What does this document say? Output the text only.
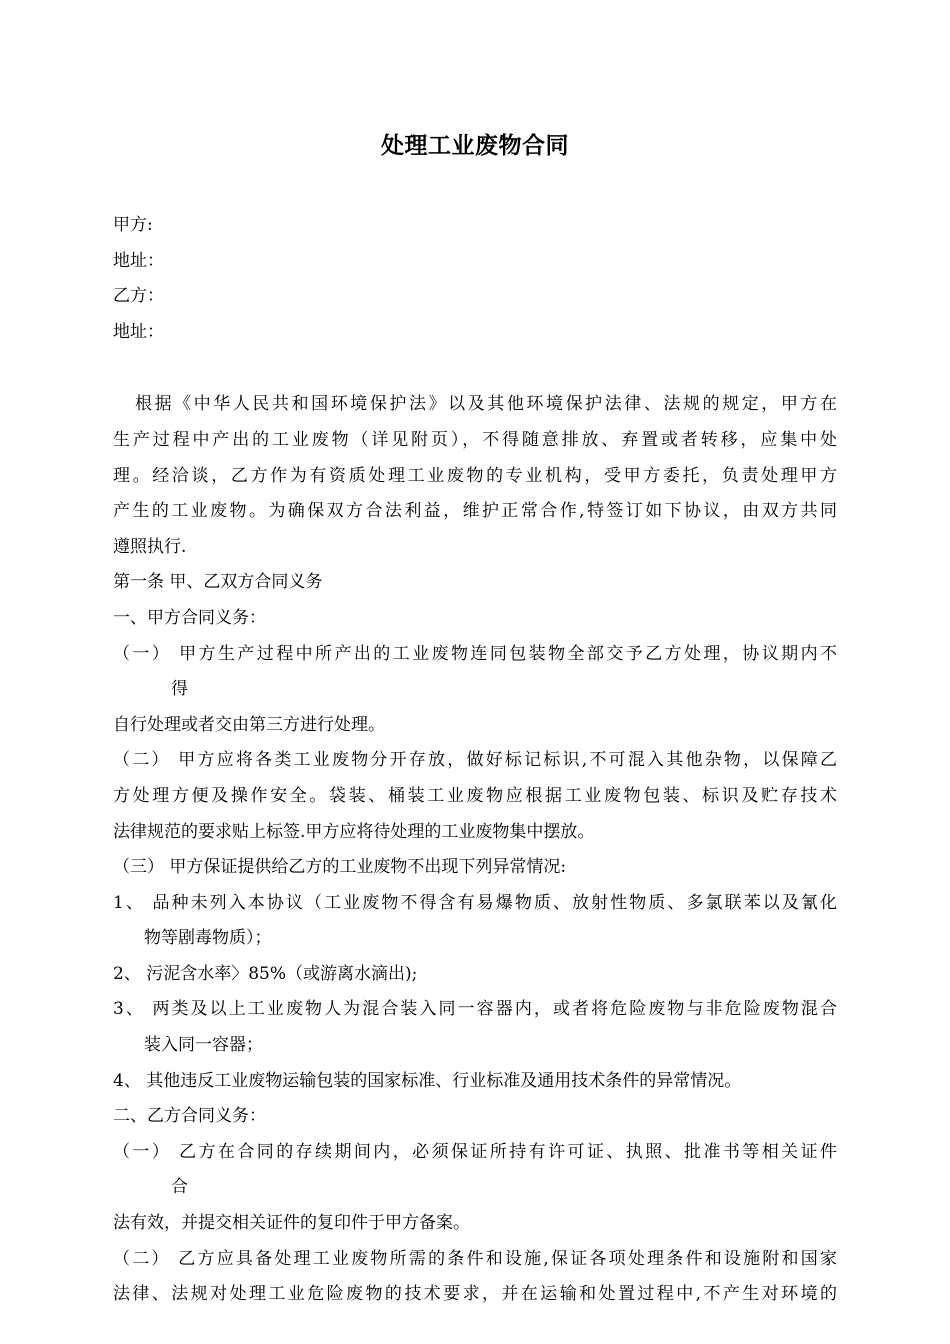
处理工业废物合同
甲方:
地址：
乙方：
地址：
根据《中华人民共和国环境保护法》以及其他环境保护法律、法规的规定，甲方在
生产过程中产出的工业废物（详见附页），不得随意排放、弃置或者转移，应集中处
理。经洽谈，乙方作为有资质处理工业废物的专业机构，受甲方委托，负责处理甲方
产生的工业废物。为确保双方合法利益，维护正常合作,特签订如下协议，由双方共同
遵照执行.
第一条 甲、乙双方合同义务
一、甲方合同义务：
（一） 甲方生产过程中所产出的工业废物连同包装物全部交予乙方处理，协议期内不
得
自行处理或者交由第三方进行处理。
（二） 甲方应将各类工业废物分开存放，做好标记标识,不可混入其他杂物，以保障乙
方处理方便及操作安全。袋装、桶装工业废物应根据工业废物包装、标识及贮存技术
法律规范的要求贴上标签.甲方应将待处理的工业废物集中摆放。
（三） 甲方保证提供给乙方的工业废物不出现下列异常情况:
1、 品种未列入本协议（工业废物不得含有易爆物质、放射性物质、多氯联苯以及氰化
物等剧毒物质）；
2、 污泥含水率〉85%（或游离水滴出);
3、 两类及以上工业废物人为混合装入同一容器内，或者将危险废物与非危险废物混合
装入同一容器；
4、 其他违反工业废物运输包装的国家标准、行业标准及通用技术条件的异常情况。
二、乙方合同义务：
（一） 乙方在合同的存续期间内，必须保证所持有许可证、执照、批准书等相关证件
合
法有效，并提交相关证件的复印件于甲方备案。
（二） 乙方应具备处理工业废物所需的条件和设施,保证各项处理条件和设施附和国家
法律、法规对处理工业危险废物的技术要求，并在运输和处置过程中,不产生对环境的
